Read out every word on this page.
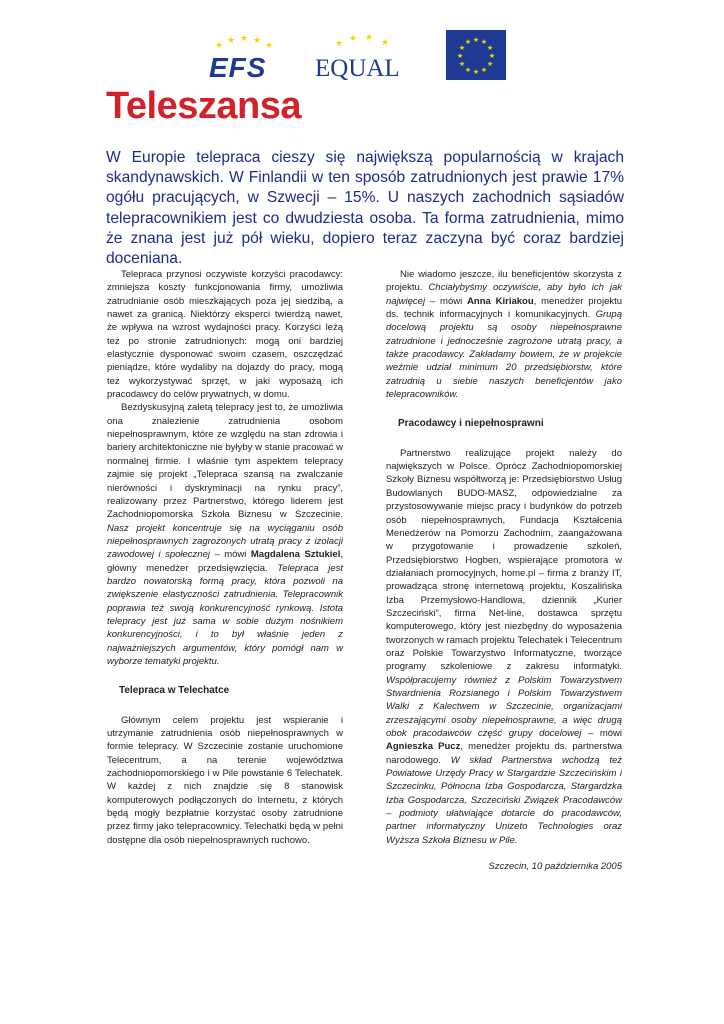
★ ★ ★ ★ ★
EFS
★ ★ ★ ★
EQUAL
★ ★
★
★
★
★
★
★
★
★
★
★
Teleszansa

W Europie telepraca cieszy się największą popularnością w krajach skandynawskich. W Finlandii w ten sposób zatrudnionych jest prawie 17% ogółu pracujących, w Szwecji – 15%. U naszych zachodnich sąsiadów telepracownikiem jest co dwudziesta osoba. Ta forma zatrudnienia, mimo że znana jest już pół wieku, dopiero teraz zaczyna być coraz bardziej doceniana.

Telepraca przynosi oczywiste korzyści pracodawcy: zmniejsza koszty funkcjonowania firmy, umożliwia zatrudnianie osób mieszkających poza jej siedzibą, a nawet za granicą. Niektórzy eksperci twierdzą nawet, że wpływa na wzrost wydajności pracy. Korzyści leżą też po stronie zatrudnionych: mogą oni bardziej elastycznie dysponować swoim czasem, oszczędzać pieniądze, które wydaliby na dojazdy do pracy, mogą też wykorzystywać sprzęt, w jaki wyposażą ich pracodawcy do celów prywatnych, w domu.

Bezdyskusyjną zaletą telepracy jest to, że umożliwia ona znalezienie zatrudnienia osobom niepełnosprawnym, które ze względu na stan zdrowia i bariery architektoniczne nie byłyby w stanie pracować w normalnej firmie. I właśnie tym aspektem telepracy zajmie się projekt „Telepraca szansą na zwalczanie nierówności i dyskryminacji na rynku pracy”, realizowany przez Partnerstwo, którego liderem jest Zachodniopomorska Szkoła Biznesu w Szczecinie. Nasz projekt koncentruje się na wyciąganiu osób niepełnosprawnych zagrożonych utratą pracy z izolacji zawodowej i społecznej – mówi Magdalena Sztukiel, główny menedżer przedsięwzięcia. Telepraca jest bardzo nowatorską formą pracy, która pozwoli na zwiększenie elastyczności zatrudnienia. Telepracownik poprawia też swoją konkurencyjność rynkową. Istota telepracy jest już sama w sobie dużym nośnikiem konkurencyjności, i to był właśnie jeden z najważniejszych argumentów, który pomógł nam w wyborze tematyki projektu.

Telepraca w Telechatce

Głównym celem projektu jest wspieranie i utrzymanie zatrudnienia osób niepełnosprawnych w formie telepracy. W Szczecinie zostanie uruchomione Telecentrum, a na terenie województwa zachodniopomorskiego i w Pile powstanie 6 Telechatek. W każdej z nich znajdzie się 8 stanowisk komputerowych podłączonych do Internetu, z których będą mogły bezpłatnie korzystać osoby zatrudnione przez firmy jako telepracownicy. Telechatki będą w pełni dostępne dla osób niepełnosprawnych ruchowo.

Nie wiadomo jeszcze, ilu beneficjentów skorzysta z projektu. Chciałybyśmy oczywiście, aby było ich jak najwięcej – mówi Anna Kiriakou, menedżer projektu ds. technik informacyjnych i komunikacyjnych. Grupą docelową projektu są osoby niepełnosprawne zatrudnione i jednocześnie zagrożone utratą pracy, a także pracodawcy. Zakładamy bowiem, że w projekcie weźmie udział minimum 20 przedsiębiorstw, które zatrudnią u siebie naszych beneficjentów jako telepracowników.

Pracodawcy i niepełnosprawni

Partnerstwo realizujące projekt należy do największych w Polsce. Oprócz Zachodniopomorskiej Szkoły Biznesu współtworzą je: Przedsiębiorstwo Usług Budowlanych BUDO-MASZ, odpowiedzialne za przystosowywanie miejsc pracy i budynków do potrzeb osób niepełnosprawnych, Fundacja Kształcenia Menedżerów na Pomorzu Zachodnim, zaangażowana w przygotowanie i prowadzenie szkoleń, Przedsiębiorstwo Hogben, wspierające promotora w działaniach promocyjnych, home.pl – firma z branży IT, prowadząca stronę internetową projektu, Koszalińska Izba Przemysłowo-Handlowa, dziennik „Kurier Szczeciński”, firma Net-line, dostawca sprzętu komputerowego, który jest niezbędny do wyposażenia tworzonych w ramach projektu Telechatek i Telecentrum oraz Polskie Towarzystwo Informatyczne, tworzące programy szkoleniowe z zakresu informatyki. Współpracujemy również z Polskim Towarzystwem Stwardnienia Rozsianego i Polskim Towarzystwem Walki z Kalectwem w Szczecinie, organizacjami zrzeszającymi osoby niepełnosprawne, a więc drugą obok pracodawców część grupy docelowej – mówi Agnieszka Pucz, menedżer projektu ds. partnerstwa narodowego. W skład Partnerstwa wchodzą też Powiatowe Urzędy Pracy w Stargardzie Szczecińskim i Szczecinku, Północna Izba Gospodarcza, Stargardzka Izba Gospodarcza, Szczeciński Związek Pracodawców – podmioty ułatwiające dotarcie do pracodawców, partner informatyczny Unizeto Technologies oraz Wyższa Szkoła Biznesu w Pile.

Szczecin, 10 października 2005
